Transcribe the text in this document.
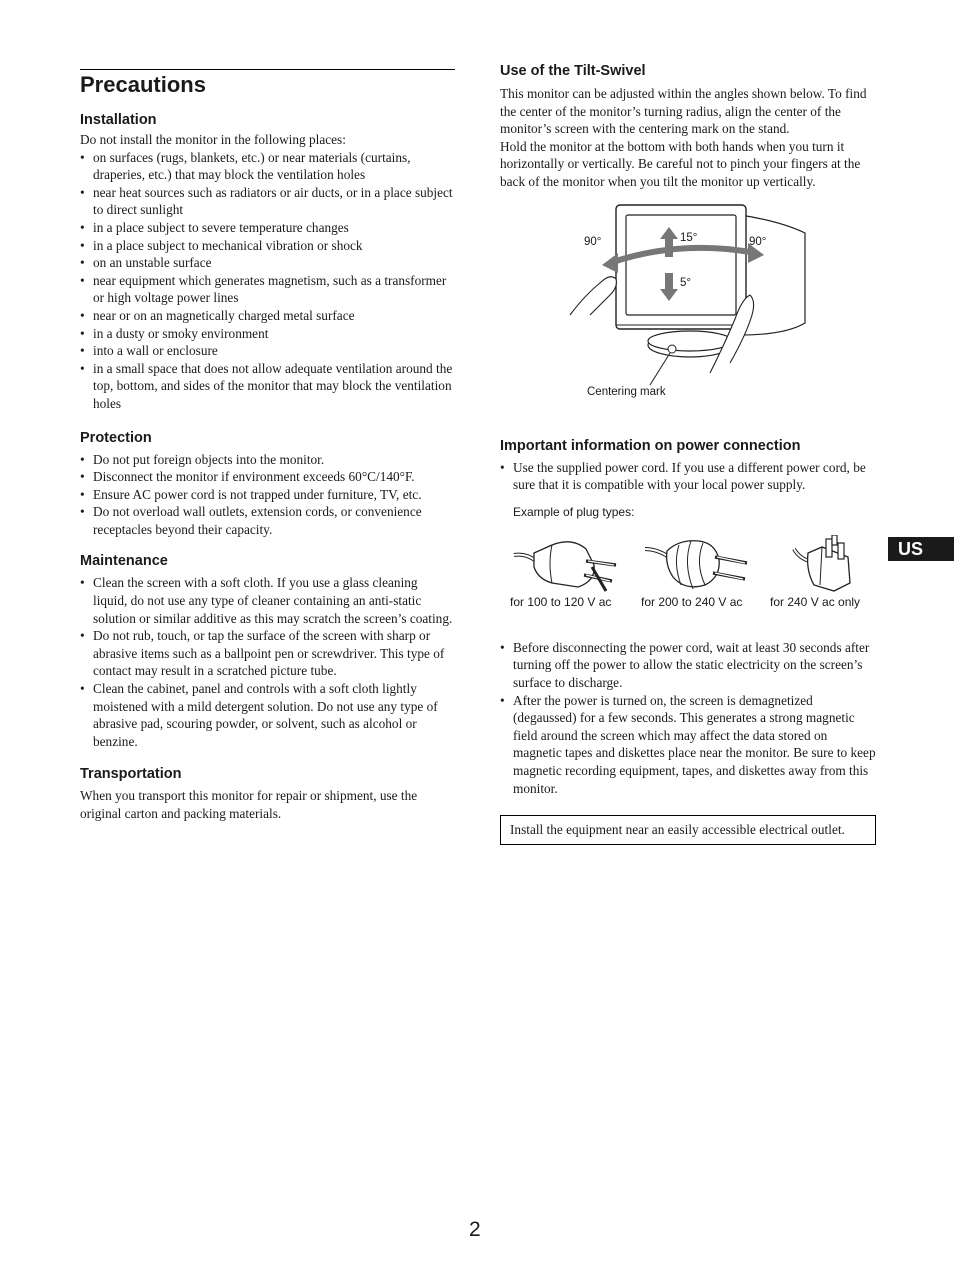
Precautions
Installation

Do not install the monitor in the following places:

• on surfaces (rugs, blankets, etc.) or near materials (curtains, draperies, etc.) that may block the ventilation holes
• near heat sources such as radiators or air ducts, or in a place subject to direct sunlight
• in a place subject to severe temperature changes
• in a place subject to mechanical vibration or shock
• on an unstable surface
• near equipment which generates magnetism, such as a transformer or high voltage power lines
• near or on an magnetically charged metal surface
• in a dusty or smoky environment
• into a wall or enclosure
• in a small space that does not allow adequate ventilation around the top, bottom, and sides of the monitor that may block the ventilation holes
Protection
• Do not put foreign objects into the monitor.
• Disconnect the monitor if environment exceeds 60°C/140°F.
• Ensure AC power cord is not trapped under furniture, TV, etc.
• Do not overload wall outlets, extension cords, or convenience receptacles beyond their capacity.
Maintenance
• Clean the screen with a soft cloth. If you use a glass cleaning liquid, do not use any type of cleaner containing an anti-static solution or similar additive as this may scratch the screen’s coating.
• Do not rub, touch, or tap the surface of the screen with sharp or abrasive items such as a ballpoint pen or screwdriver. This type of contact may result in a scratched picture tube.
• Clean the cabinet, panel and controls with a soft cloth lightly moistened with a mild detergent solution. Do not use any type of abrasive pad, scouring powder, or solvent, such as alcohol or benzine.
Transportation

When you transport this monitor for repair or shipment, use the original carton and packing materials.

Use of the Tilt-Swivel

This monitor can be adjusted within the angles shown below. To find the center of the monitor’s turning radius, align the center of the monitor’s screen with the centering mark on the stand.
Hold the monitor at the bottom with both hands when you turn it horizontally or vertically. Be careful not to pinch your fingers at the back of the monitor when you tilt the monitor up vertically.

90°	90°
15°
5°
Centering mark
Important information on power connection
• Use the supplied power cord. If you use a different power cord, be sure that it is compatible with your local power supply.
Example of plug types:
for 100 to 120 V ac for 200 to 240 V ac for 240 V ac only
• Before disconnecting the power cord, wait at least 30 seconds after turning off the power to allow the static electricity on the screen’s surface to discharge.
• After the power is turned on, the screen is demagnetized (degaussed) for a few seconds. This generates a strong magnetic field around the screen which may affect the data stored on magnetic tapes and diskettes place near the monitor. Be sure to keep magnetic recording equipment, tapes, and diskettes away from this monitor.

Install the equipment near an easily accessible electrical outlet.

US
2
